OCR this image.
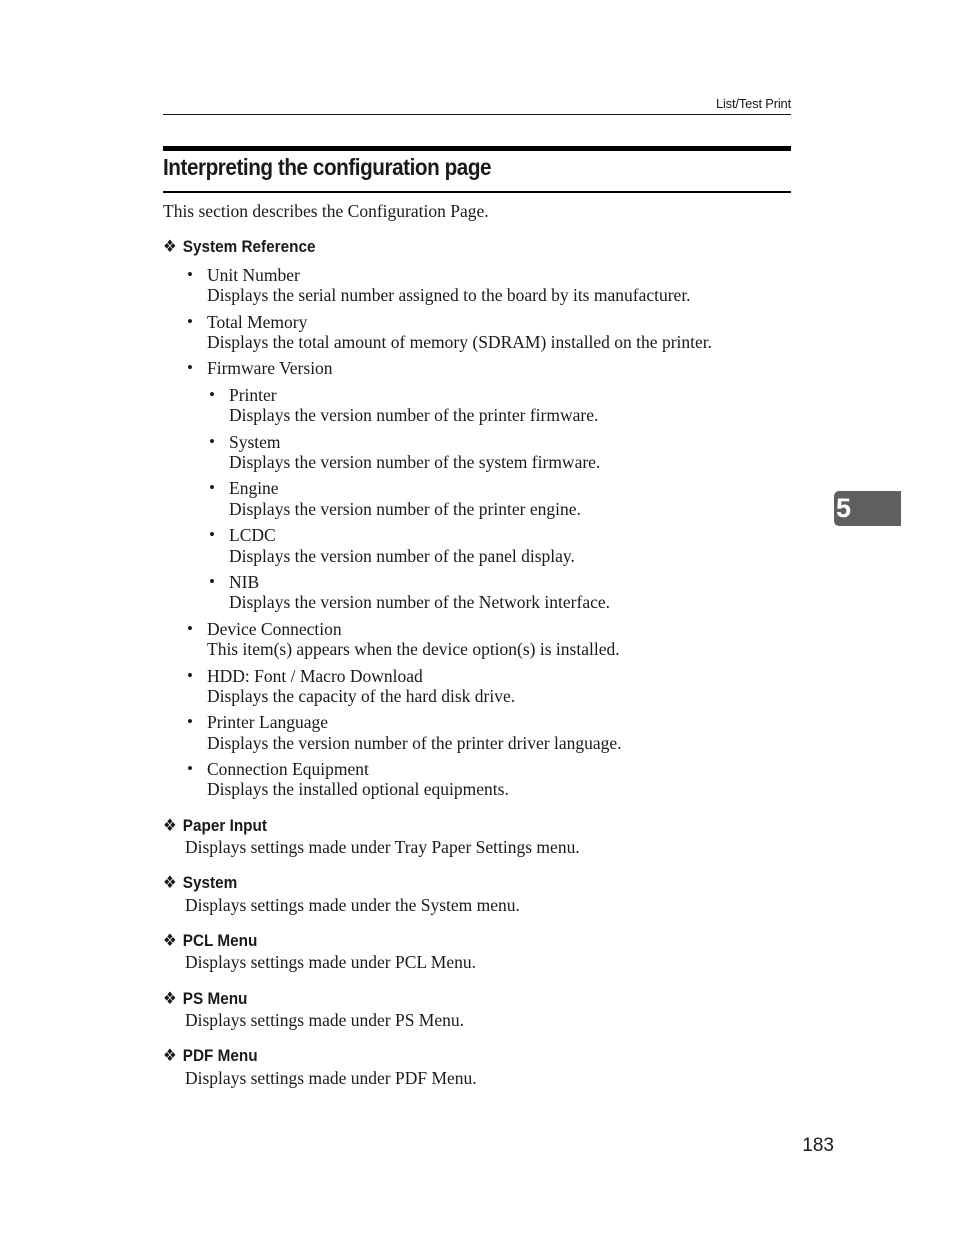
List/Test Print
Interpreting the configuration page
This section describes the Configuration Page.
❖ System Reference
• Unit Number
Displays the serial number assigned to the board by its manufacturer.
• Total Memory
Displays the total amount of memory (SDRAM) installed on the printer.
• Firmware Version
• Printer
Displays the version number of the printer firmware.
• System
Displays the version number of the system firmware.
• Engine
Displays the version number of the printer engine.
• LCDC
Displays the version number of the panel display.
• NIB
Displays the version number of the Network interface.
• Device Connection
This item(s) appears when the device option(s) is installed.
• HDD: Font / Macro Download
Displays the capacity of the hard disk drive.
• Printer Language
Displays the version number of the printer driver language.
• Connection Equipment
Displays the installed optional equipments.
❖ Paper Input
Displays settings made under Tray Paper Settings menu.
❖ System
Displays settings made under the System menu.
❖ PCL Menu
Displays settings made under PCL Menu.
❖ PS Menu
Displays settings made under PS Menu.
❖ PDF Menu
Displays settings made under PDF Menu.
5
183
